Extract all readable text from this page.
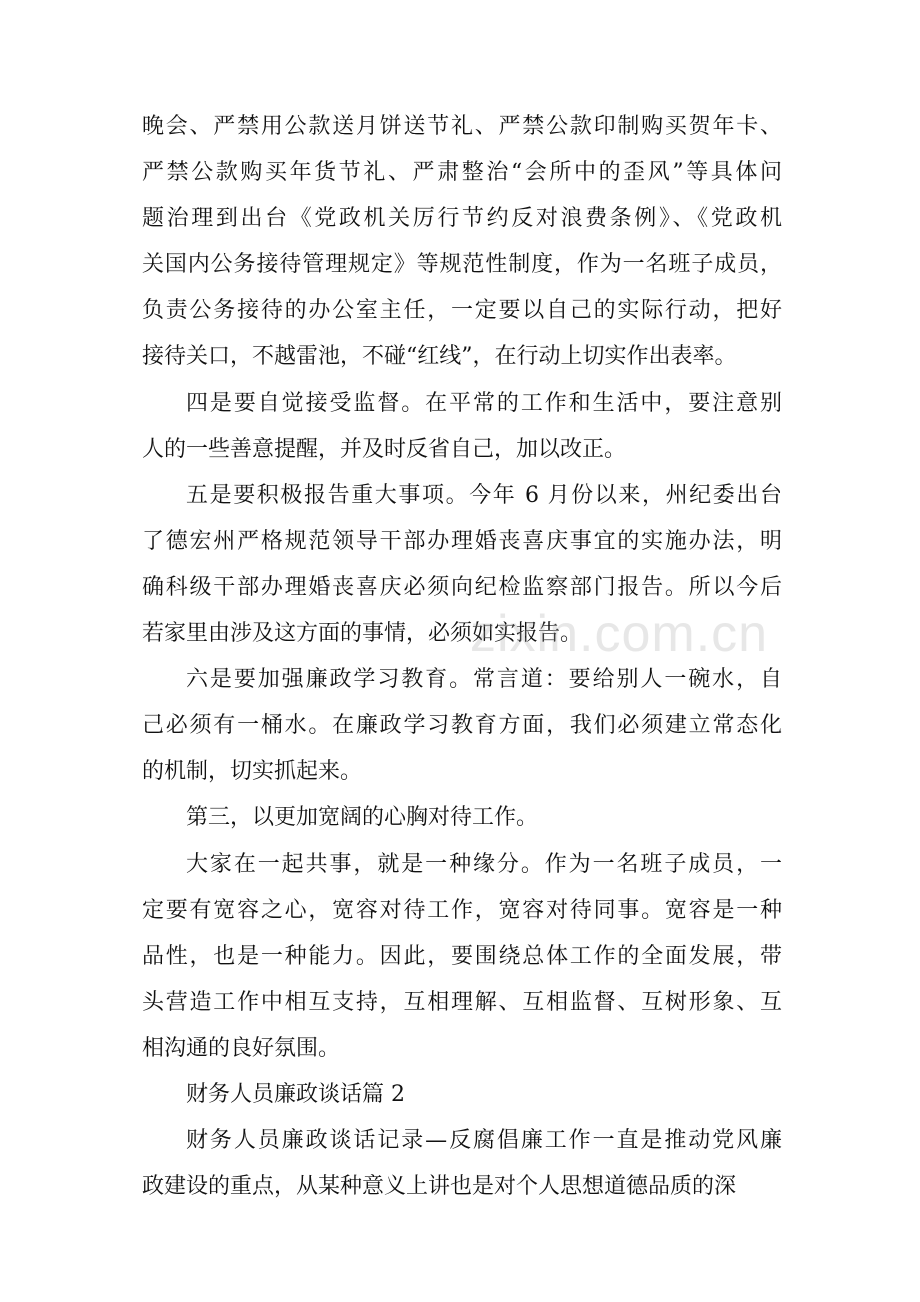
晚会、严禁用公款送月饼送节礼、严禁公款印制购买贺年卡、
严禁公款购买年货节礼、严肃整治“会所中的歪风”等具体问
题治理到出台《党政机关厉行节约反对浪费条例》、《党政机
关国内公务接待管理规定》等规范性制度，作为一名班子成员，
负责公务接待的办公室主任，一定要以自己的实际行动，把好
接待关口，不越雷池，不碰“红线”，在行动上切实作出表率。
四是要自觉接受监督。在平常的工作和生活中，要注意别
人的一些善意提醒，并及时反省自己，加以改正。
五是要积极报告重大事项。今年 6 月份以来，州纪委出台
了德宏州严格规范领导干部办理婚丧喜庆事宜的实施办法，明
确科级干部办理婚丧喜庆必须向纪检监察部门报告。所以今后
若家里由涉及这方面的事情，必须如实报告。
六是要加强廉政学习教育。常言道：要给别人一碗水，自
己必须有一桶水。在廉政学习教育方面，我们必须建立常态化
的机制，切实抓起来。
第三，以更加宽阔的心胸对待工作。
大家在一起共事，就是一种缘分。作为一名班子成员，一
定要有宽容之心，宽容对待工作，宽容对待同事。宽容是一种
品性，也是一种能力。因此，要围绕总体工作的全面发展，带
头营造工作中相互支持，互相理解、互相监督、互树形象、互
相沟通的良好氛围。
财务人员廉政谈话篇 2
财务人员廉政谈话记录—反腐倡廉工作一直是推动党风廉
政建设的重点，从某种意义上讲也是对个人思想道德品质的深
zixin.com.cn
